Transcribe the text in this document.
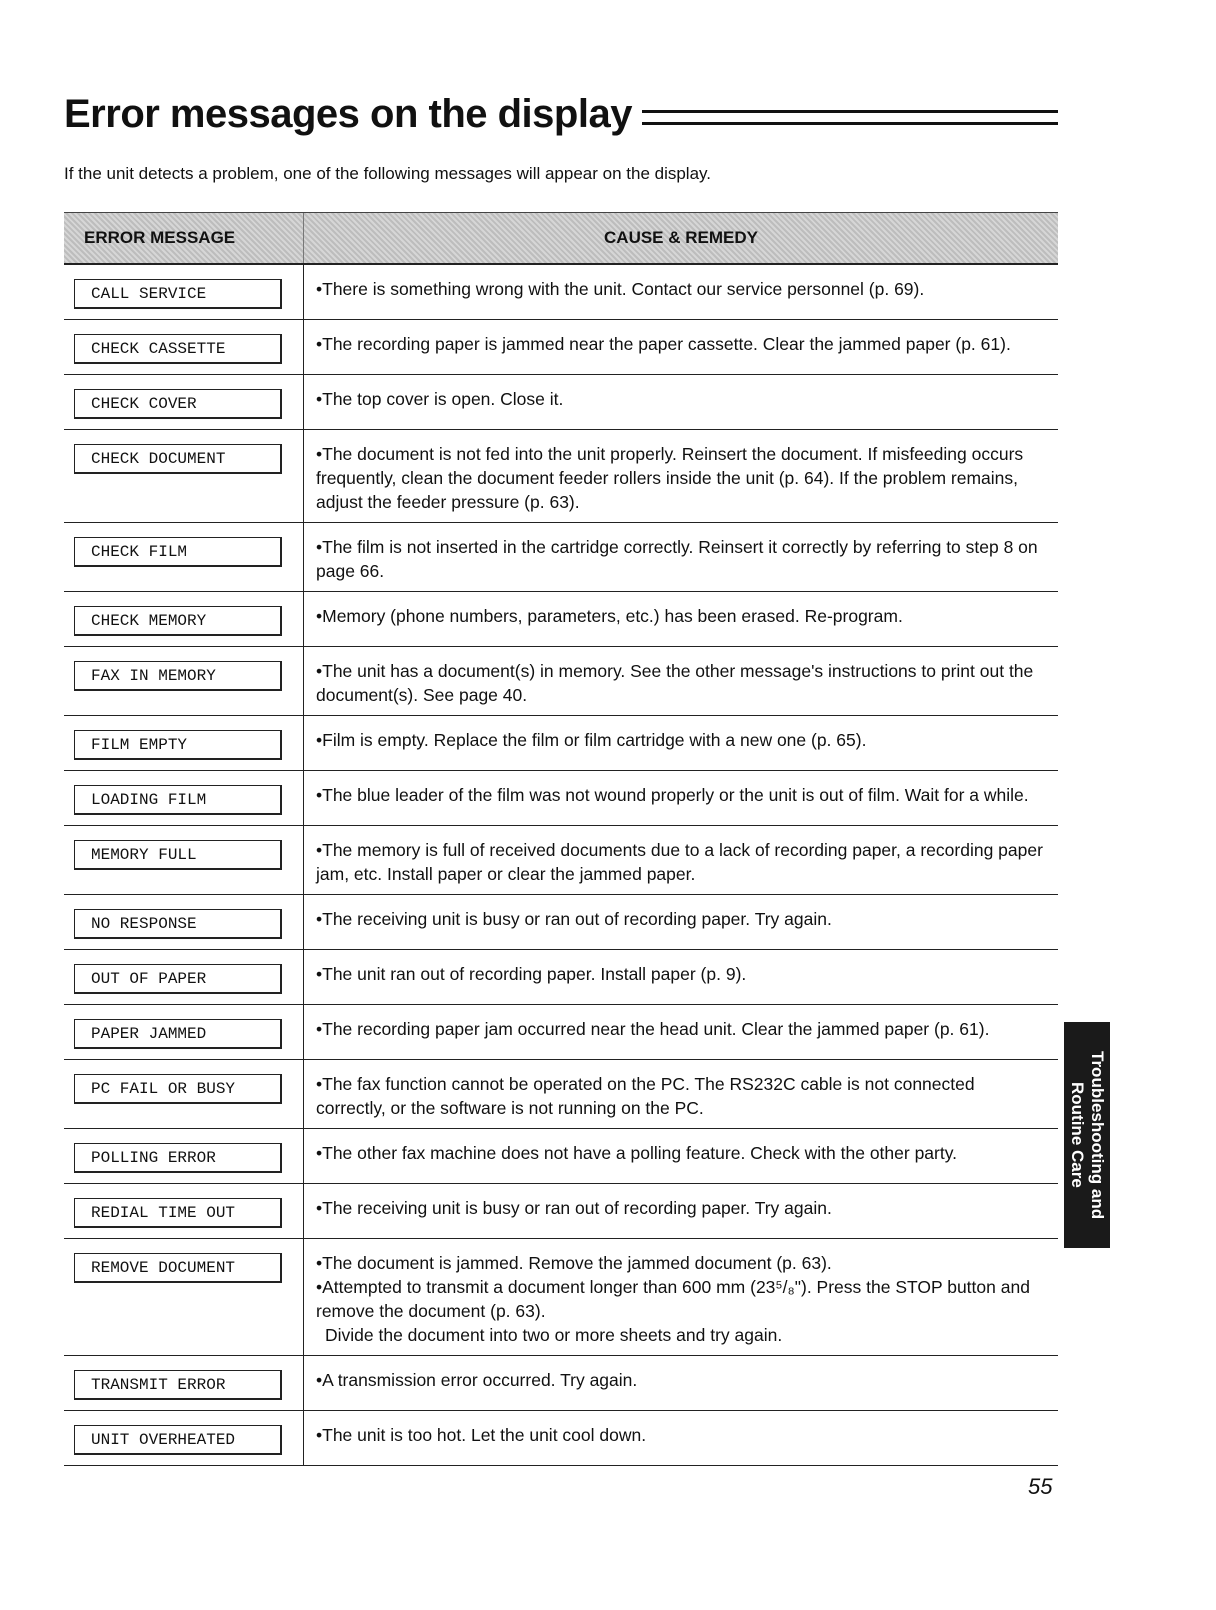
Error messages on the display
If the unit detects a problem, one of the following messages will appear on the display.
ERROR MESSAGE	CAUSE & REMEDY
CALL SERVICE	•There is something wrong with the unit. Contact our service personnel (p. 69).
CHECK CASSETTE	•The recording paper is jammed near the paper cassette. Clear the jammed paper (p. 61).
CHECK COVER	•The top cover is open. Close it.
CHECK DOCUMENT	•The document is not fed into the unit properly. Reinsert the document. If misfeeding occurs frequently, clean the document feeder rollers inside the unit (p. 64). If the problem remains, adjust the feeder pressure (p. 63).
CHECK FILM	•The film is not inserted in the cartridge correctly. Reinsert it correctly by referring to step 8 on page 66.
CHECK MEMORY	•Memory (phone numbers, parameters, etc.) has been erased. Re-program.
FAX IN MEMORY	•The unit has a document(s) in memory. See the other message's instructions to print out the document(s). See page 40.
FILM EMPTY	•Film is empty. Replace the film or film cartridge with a new one (p. 65).
LOADING FILM	•The blue leader of the film was not wound properly or the unit is out of film. Wait for a while.
MEMORY FULL	•The memory is full of received documents due to a lack of recording paper, a recording paper jam, etc. Install paper or clear the jammed paper.
NO RESPONSE	•The receiving unit is busy or ran out of recording paper. Try again.
OUT OF PAPER	•The unit ran out of recording paper. Install paper (p. 9).
PAPER JAMMED	•The recording paper jam occurred near the head unit. Clear the jammed paper (p. 61).
PC FAIL OR BUSY	•The fax function cannot be operated on the PC. The RS232C cable is not connected correctly, or the software is not running on the PC.
POLLING ERROR	•The other fax machine does not have a polling feature. Check with the other party.
REDIAL TIME OUT	•The receiving unit is busy or ran out of recording paper. Try again.
REMOVE DOCUMENT	•The document is jammed. Remove the jammed document (p. 63).
•Attempted to transmit a document longer than 600 mm (23⁵/₈"). Press the STOP button and remove the document (p. 63).
Divide the document into two or more sheets and try again.
TRANSMIT ERROR	•A transmission error occurred. Try again.
UNIT OVERHEATED	•The unit is too hot. Let the unit cool down.
Troubleshooting and Routine Care
55
